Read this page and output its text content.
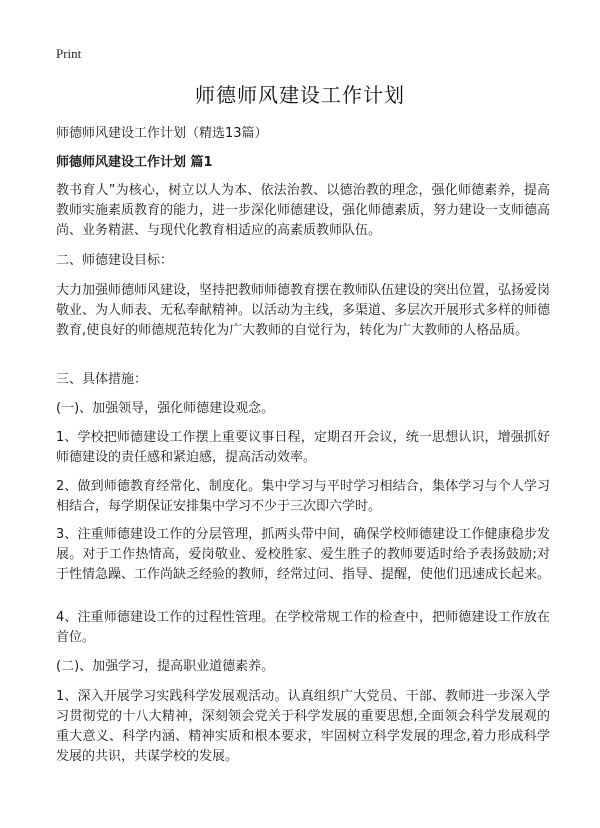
Print
师德师风建设工作计划

师德师风建设工作计划（精选13篇）

师德师风建设工作计划 篇1

教书育人”为核心，树立以人为本、依法治教、以德治教的理念，强化师德素养，提高教师实施素质教育的能力，进一步深化师德建设，强化师德素质，努力建设一支师德高尚、业务精湛、与现代化教育相适应的高素质教师队伍。

二、师德建设目标：

大力加强师德师风建设，坚持把教师师德教育摆在教师队伍建设的突出位置，弘扬爱岗敬业、为人师表、无私奉献精神。以活动为主线，多渠道、多层次开展形式多样的师德教育,使良好的师德规范转化为广大教师的自觉行为，转化为广大教师的人格品质。

三、具体措施：

(一)、加强领导，强化师德建设观念。

1、学校把师德建设工作摆上重要议事日程，定期召开会议，统一思想认识，增强抓好师德建设的责任感和紧迫感，提高活动效率。

2、做到师德教育经常化、制度化。集中学习与平时学习相结合，集体学习与个人学习相结合，每学期保证安排集中学习不少于三次即六学时。

3、注重师德建设工作的分层管理，抓两头带中间，确保学校师德建设工作健康稳步发展。对于工作热情高，爱岗敬业、爱校胜家、爱生胜子的教师要适时给予表扬鼓励;对于性情急躁、工作尚缺乏经验的教师，经常过问、指导、提醒，使他们迅速成长起来。

4、注重师德建设工作的过程性管理。在学校常规工作的检查中，把师德建设工作放在首位。

(二)、加强学习，提高职业道德素养。

1、深入开展学习实践科学发展观活动。认真组织广大党员、干部、教师进一步深入学习贯彻党的十八大精神，深刻领会党关于科学发展的重要思想,全面领会科学发展观的重大意义、科学内涵、精神实质和根本要求，牢固树立科学发展的理念,着力形成科学发展的共识，共谋学校的发展。
